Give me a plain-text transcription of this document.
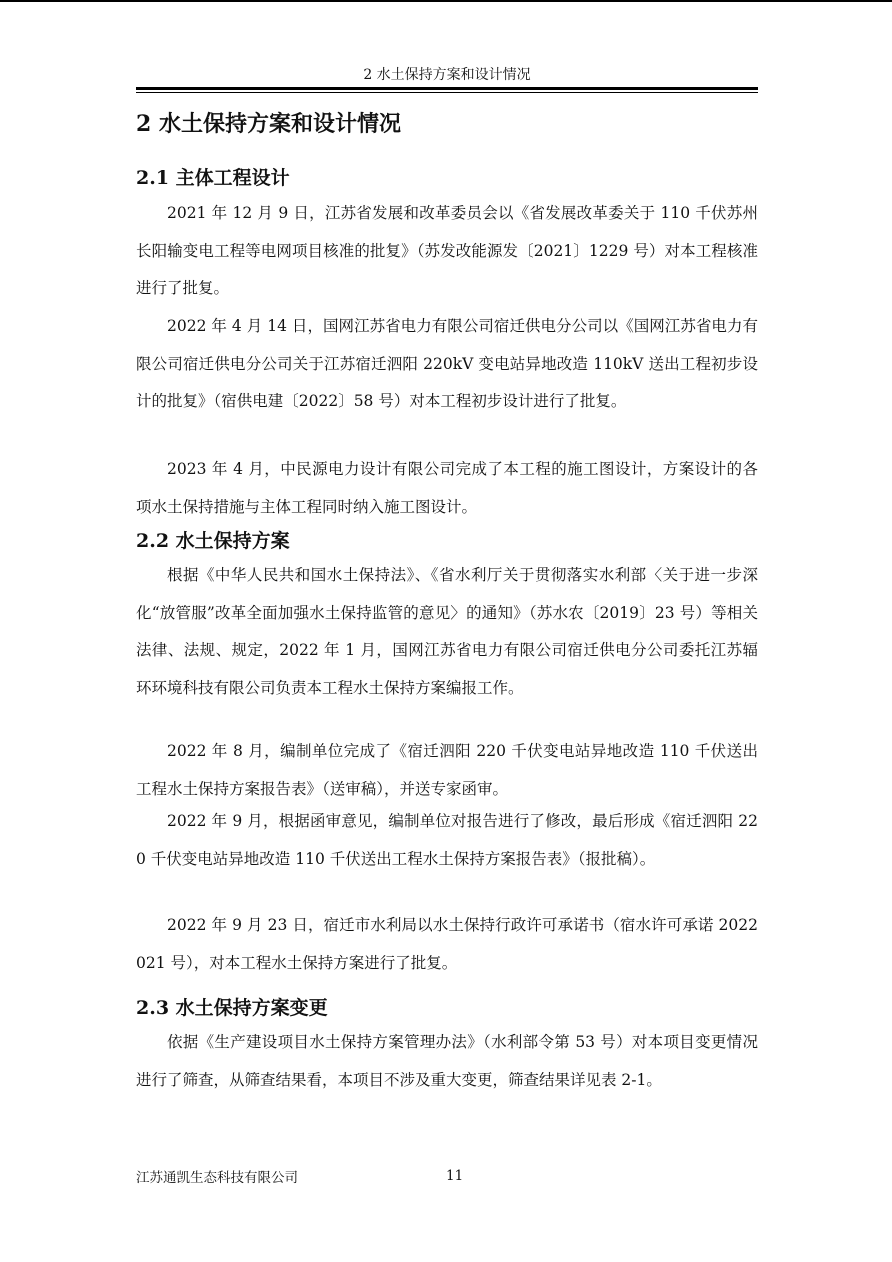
2 水土保持方案和设计情况
2 水土保持方案和设计情况
2.1 主体工程设计

2021 年 12 月 9 日，江苏省发展和改革委员会以《省发展改革委关于 110 千伏苏州长阳输变电工程等电网项目核准的批复》（苏发改能源发〔2021〕1229 号）对本工程核准进行了批复。

2022 年 4 月 14 日，国网江苏省电力有限公司宿迁供电分公司以《国网江苏省电力有限公司宿迁供电分公司关于江苏宿迁泗阳 220kV 变电站异地改造 110kV 送出工程初步设计的批复》（宿供电建〔2022〕58 号）对本工程初步设计进行了批复。

2023 年 4 月，中民源电力设计有限公司完成了本工程的施工图设计，方案设计的各项水土保持措施与主体工程同时纳入施工图设计。

2.2 水土保持方案

根据《中华人民共和国水土保持法》、《省水利厅关于贯彻落实水利部〈关于进一步深化“放管服”改革全面加强水土保持监管的意见〉的通知》（苏水农〔2019〕23 号）等相关法律、法规、规定，2022 年 1 月，国网江苏省电力有限公司宿迁供电分公司委托江苏辐环环境科技有限公司负责本工程水土保持方案编报工作。

2022 年 8 月，编制单位完成了《宿迁泗阳 220 千伏变电站异地改造 110 千伏送出工程水土保持方案报告表》（送审稿），并送专家函审。

2022 年 9 月，根据函审意见，编制单位对报告进行了修改，最后形成《宿迁泗阳 220 千伏变电站异地改造 110 千伏送出工程水土保持方案报告表》（报批稿）。

2022 年 9 月 23 日，宿迁市水利局以水土保持行政许可承诺书（宿水许可承诺 2022021 号），对本工程水土保持方案进行了批复。

2.3 水土保持方案变更

依据《生产建设项目水土保持方案管理办法》（水利部令第 53 号）对本项目变更情况进行了筛查，从筛查结果看，本项目不涉及重大变更，筛查结果详见表 2-1。

江苏通凯生态科技有限公司	11
